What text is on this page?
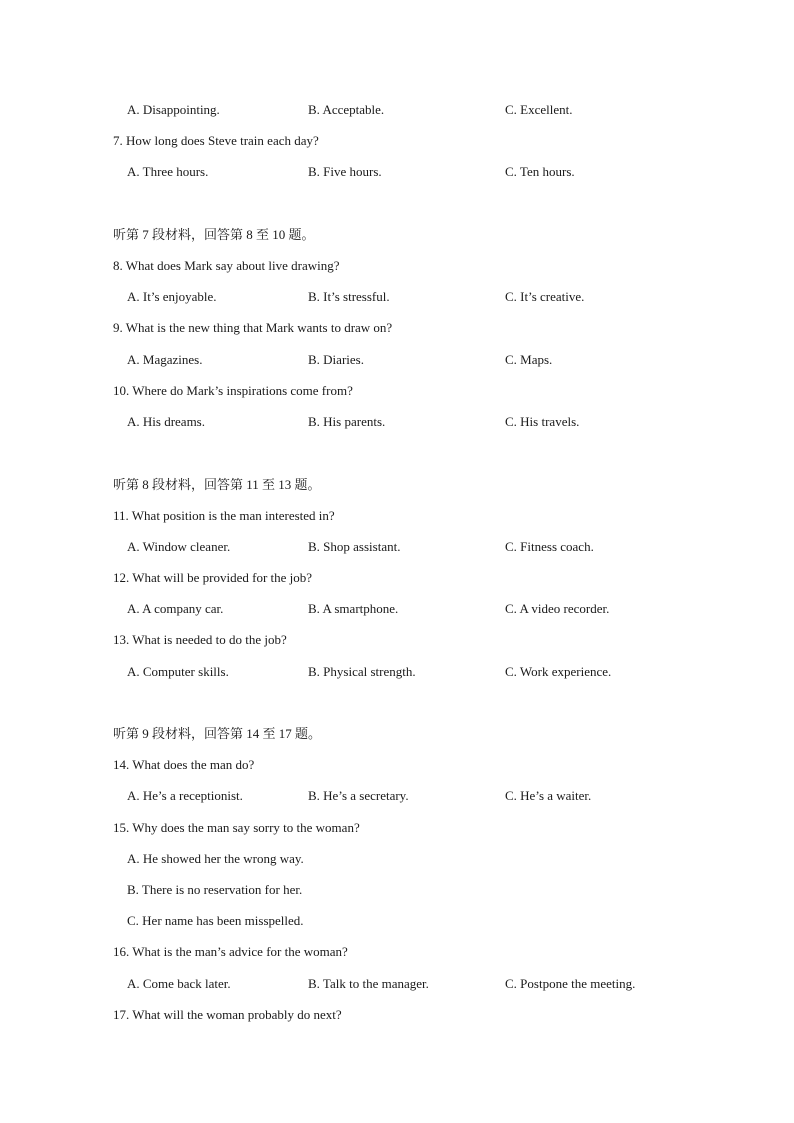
A. Disappointing.	B. Acceptable.	C. Excellent.
7. How long does Steve train each day?
A. Three hours.	B. Five hours.	C. Ten hours.
听第 7 段材料，回答第 8 至 10 题。
8. What does Mark say about live drawing?
A. It’s enjoyable.	B. It’s stressful.	C. It’s creative.
9. What is the new thing that Mark wants to draw on?
A. Magazines.	B. Diaries.	C. Maps.
10. Where do Mark’s inspirations come from?
A. His dreams.	B. His parents.	C. His travels.
听第 8 段材料，回答第 11 至 13 题。
11. What position is the man interested in?
A. Window cleaner.	B. Shop assistant.	C. Fitness coach.
12. What will be provided for the job?
A. A company car.	B. A smartphone.	C. A video recorder.
13. What is needed to do the job?
A. Computer skills.	B. Physical strength.	C. Work experience.
听第 9 段材料，回答第 14 至 17 题。
14. What does the man do?
A. He’s a receptionist.	B. He’s a secretary.	C. He’s a waiter.
15. Why does the man say sorry to the woman?
A. He showed her the wrong way.
B. There is no reservation for her.
C. Her name has been misspelled.
16. What is the man’s advice for the woman?
A. Come back later.	B. Talk to the manager.	C. Postpone the meeting.
17. What will the woman probably do next?
